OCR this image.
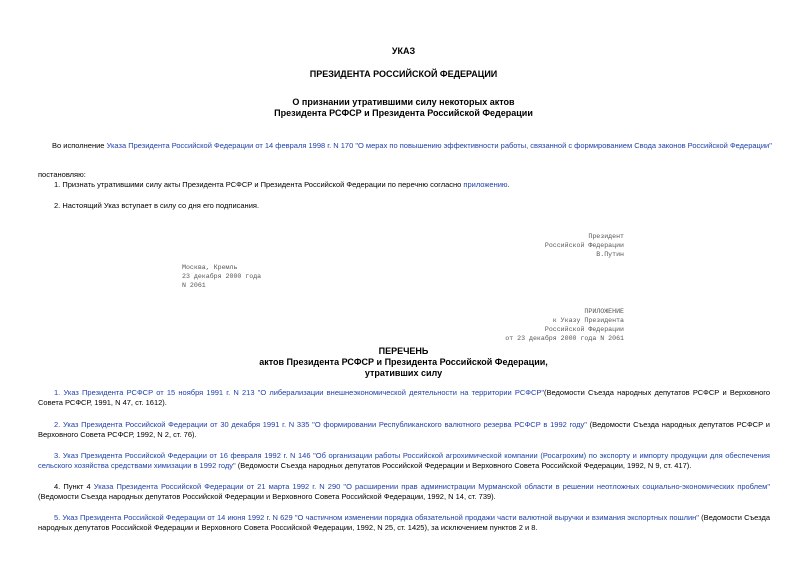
УКАЗ
ПРЕЗИДЕНТА РОССИЙСКОЙ ФЕДЕРАЦИИ
О признании утратившими силу некоторых актов
Президента РСФСР и Президента Российской Федерации
Во исполнение Указа Президента Российской Федерации от 14 февраля 1998 г. N 170 "О мерах по повышению эффективности работы, связанной с формированием Свода законов Российской Федерации"
постановляю:
1. Признать утратившими силу акты Президента РСФСР и Президента Российской Федерации по перечню согласно приложению.
2. Настоящий Указ вступает в силу со дня его подписания.
Президент
Российской Федерации
В.Путин
Москва, Кремль
23 декабря 2000 года
N 2061
ПРИЛОЖЕНИЕ
к Указу Президента
Российской Федерации
от 23 декабря 2000 года N 2061
ПЕРЕЧЕНЬ
актов Президента РСФСР и Президента Российской Федерации,
утративших силу
1. Указ Президента РСФСР от 15 ноября 1991 г. N 213 "О либерализации внешнеэкономической деятельности на территории РСФСР"(Ведомости Съезда народных депутатов РСФСР и Верховного Совета РСФСР, 1991, N 47, ст. 1612).
2. Указ Президента Российской Федерации от 30 декабря 1991 г. N 335 "О формировании Республиканского валютного резерва РСФСР в 1992 году" (Ведомости Съезда народных депутатов РСФСР и Верховного Совета РСФСР, 1992, N 2, ст. 76).
3. Указ Президента Российской Федерации от 16 февраля 1992 г. N 146 "Об организации работы Российской агрохимической компании (Росагрохим) по экспорту и импорту продукции для обеспечения сельского хозяйства средствами химизации в 1992 году" (Ведомости Съезда народных депутатов Российской Федерации и Верховного Совета Российской Федерации, 1992, N 9, ст. 417).
4. Пункт 4 Указа Президента Российской Федерации от 21 марта 1992 г. N 290 "О расширении прав администрации Мурманской области в решении неотложных социально-экономических проблем" (Ведомости Съезда народных депутатов Российской Федерации и Верховного Совета Российской Федерации, 1992, N 14, ст. 739).
5. Указ Президента Российской Федерации от 14 июня 1992 г. N 629 "О частичном изменении порядка обязательной продажи части валютной выручки и взимания экспортных пошлин" (Ведомости Съезда народных депутатов Российской Федерации и Верховного Совета Российской Федерации, 1992, N 25, ст. 1425), за исключением пунктов 2 и 8.
